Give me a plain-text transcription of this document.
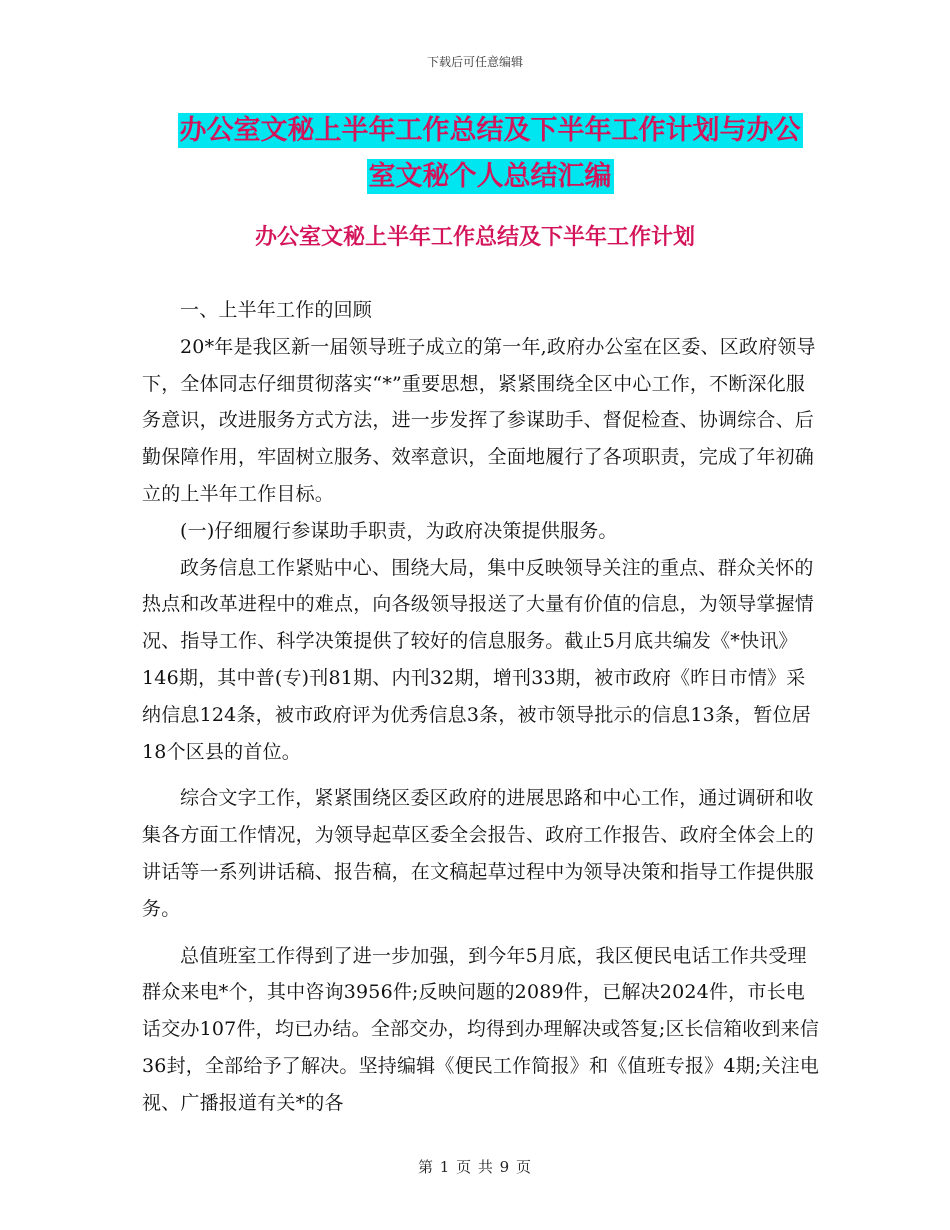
下载后可任意编辑
办公室文秘上半年工作总结及下半年工作计划与办公
室文秘个人总结汇编
办公室文秘上半年工作总结及下半年工作计划

一、上半年工作的回顾

20*年是我区新一届领导班子成立的第一年,政府办公室在区委、区政府领导下，全体同志仔细贯彻落实“*”重要思想，紧紧围绕全区中心工作，不断深化服务意识，改进服务方式方法，进一步发挥了参谋助手、督促检查、协调综合、后勤保障作用，牢固树立服务、效率意识，全面地履行了各项职责，完成了年初确立的上半年工作目标。

(一)仔细履行参谋助手职责，为政府决策提供服务。

政务信息工作紧贴中心、围绕大局，集中反映领导关注的重点、群众关怀的热点和改革进程中的难点，向各级领导报送了大量有价值的信息，为领导掌握情况、指导工作、科学决策提供了较好的信息服务。截止5月底共编发《*快讯》146期，其中普(专)刊81期、内刊32期，增刊33期，被市政府《昨日市情》采纳信息124条，被市政府评为优秀信息3条，被市领导批示的信息13条，暂位居18个区县的首位。

综合文字工作，紧紧围绕区委区政府的进展思路和中心工作，通过调研和收集各方面工作情况，为领导起草区委全会报告、政府工作报告、政府全体会上的讲话等一系列讲话稿、报告稿，在文稿起草过程中为领导决策和指导工作提供服务。

总值班室工作得到了进一步加强，到今年5月底，我区便民电话工作共受理群众来电*个，其中咨询3956件;反映问题的2089件，已解决2024件，市长电话交办107件，均已办结。全部交办，均得到办理解决或答复;区长信箱收到来信36封，全部给予了解决。坚持编辑《便民工作简报》和《值班专报》4期;关注电视、广播报道有关*的各

第 1 页 共 9 页
